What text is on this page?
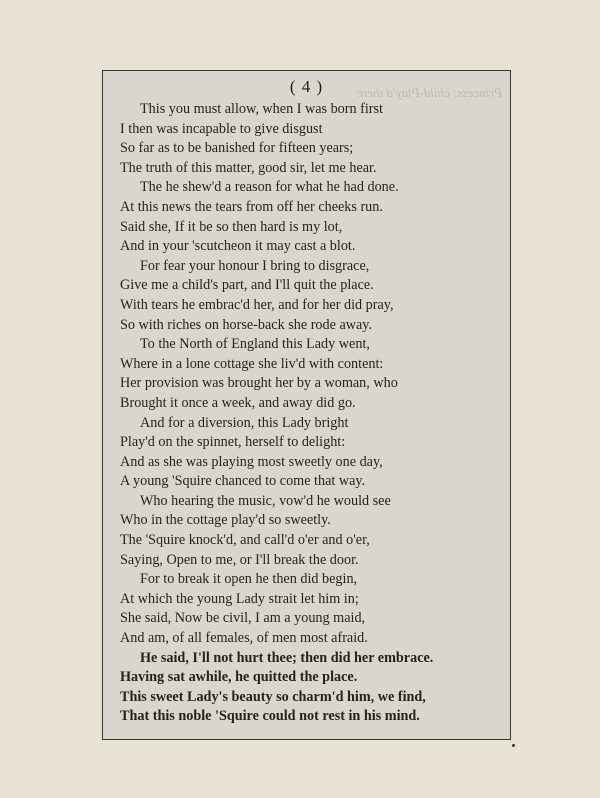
Princess: child-Play'd there
( 4 )
This you must allow, when I was born first
I then was incapable to give disgust
So far as to be banished for fifteen years;
The truth of this matter, good sir, let me hear.
The he shew'd a reason for what he had done.
At this news the tears from off her cheeks run.
Said she, If it be so then hard is my lot,
And in your 'scutcheon it may cast a blot.
For fear your honour I bring to disgrace,
Give me a child's part, and I'll quit the place.
With tears he embrac'd her, and for her did pray,
So with riches on horse-back she rode away.
To the North of England this Lady went,
Where in a lone cottage she liv'd with content:
Her provision was brought her by a woman, who
Brought it once a week, and away did go.
And for a diversion, this Lady bright
Play'd on the spinnet, herself to delight:
And as she was playing most sweetly one day,
A young 'Squire chanced to come that way.
Who hearing the music, vow'd he would see
Who in the cottage play'd so sweetly.
The 'Squire knock'd, and call'd o'er and o'er,
Saying, Open to me, or I'll break the door.
For to break it open he then did begin,
At which the young Lady strait let him in;
She said, Now be civil, I am a young maid,
And am, of all females, of men most afraid.
He said, I'll not hurt thee; then did her embrace.
Having sat awhile, he quitted the place.
This sweet Lady's beauty so charm'd him, we find,
That this noble 'Squire could not rest in his mind.
